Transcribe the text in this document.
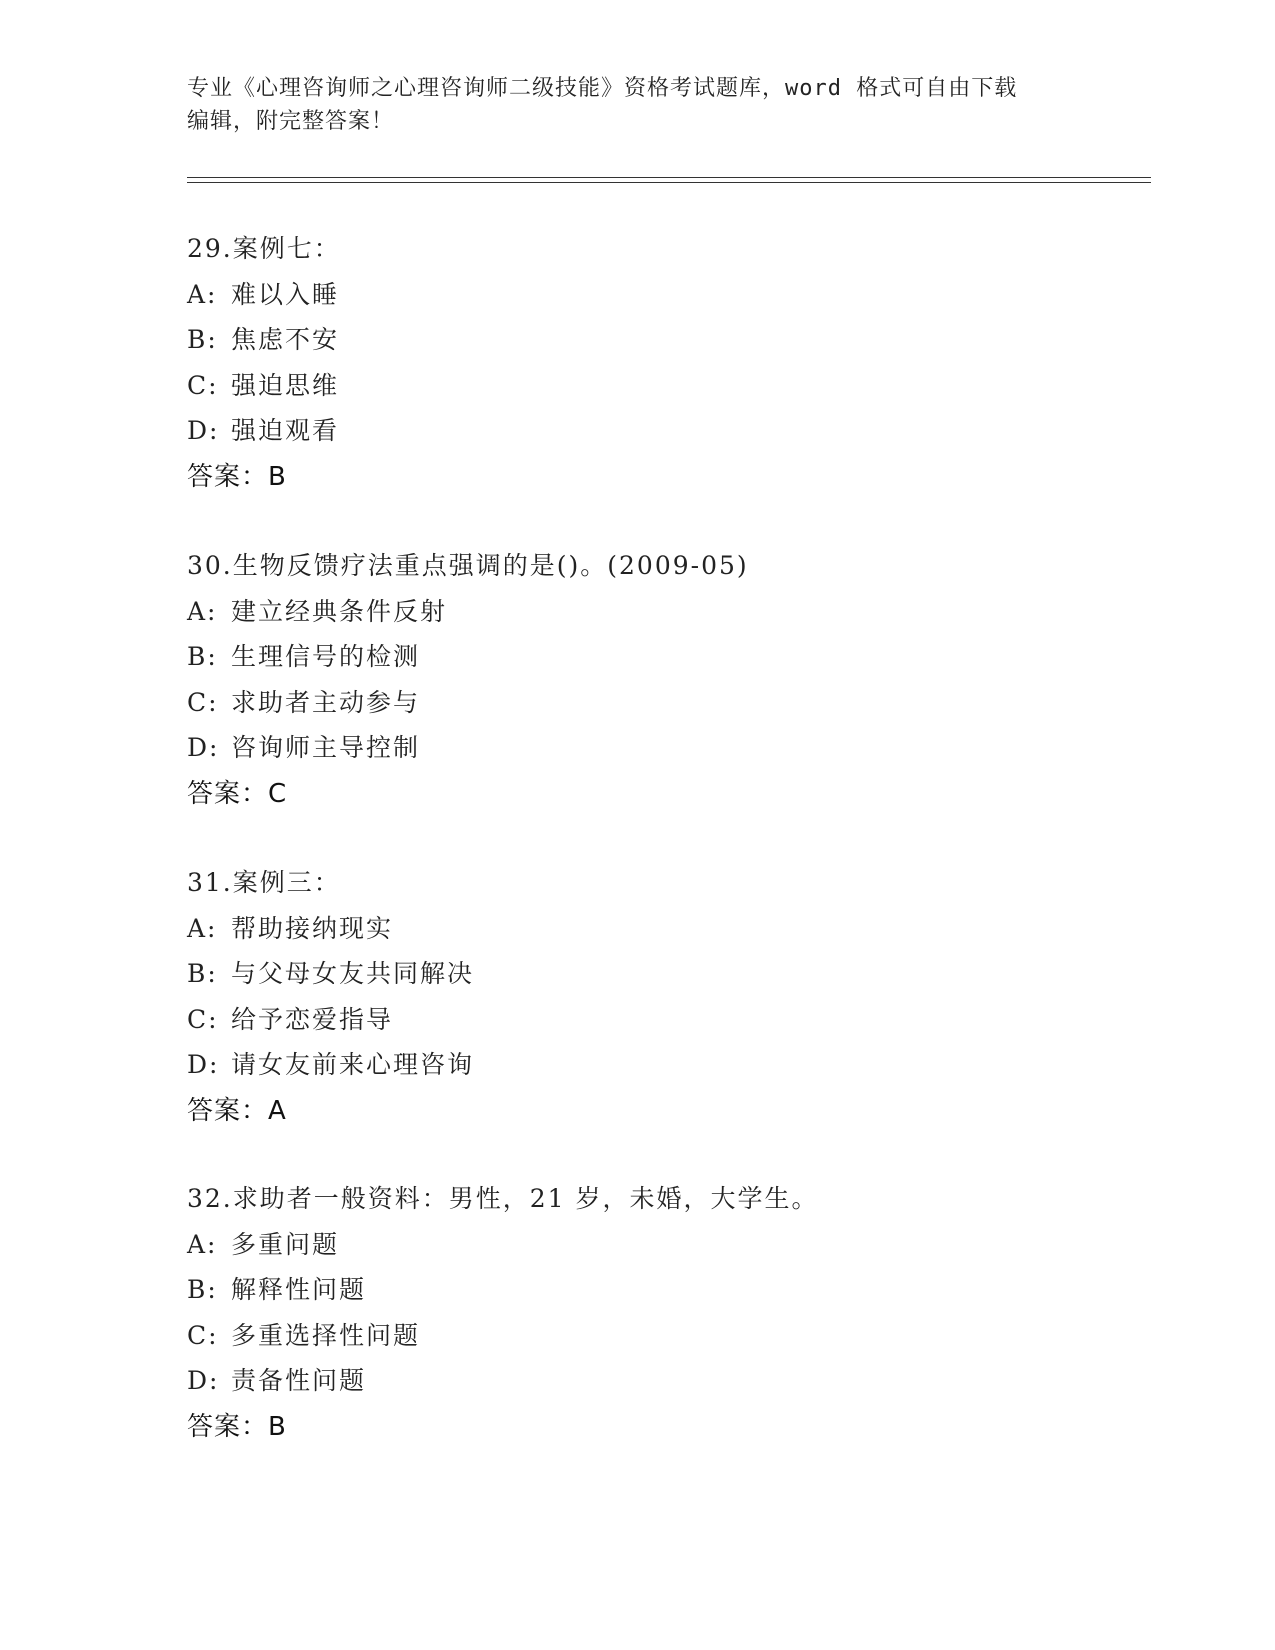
专业《心理咨询师之心理咨询师二级技能》资格考试题库，word 格式可自由下载
编辑，附完整答案！
29.案例七：
A: 难以入睡
B: 焦虑不安
C: 强迫思维
D: 强迫观看
答案：B
30.生物反馈疗法重点强调的是()。(2009-05)
A: 建立经典条件反射
B: 生理信号的检测
C: 求助者主动参与
D: 咨询师主导控制
答案：C
31.案例三：
A: 帮助接纳现实
B: 与父母女友共同解决
C: 给予恋爱指导
D: 请女友前来心理咨询
答案：A
32.求助者一般资料：男性，21 岁，未婚，大学生。
A: 多重问题
B: 解释性问题
C: 多重选择性问题
D: 责备性问题
答案：B
